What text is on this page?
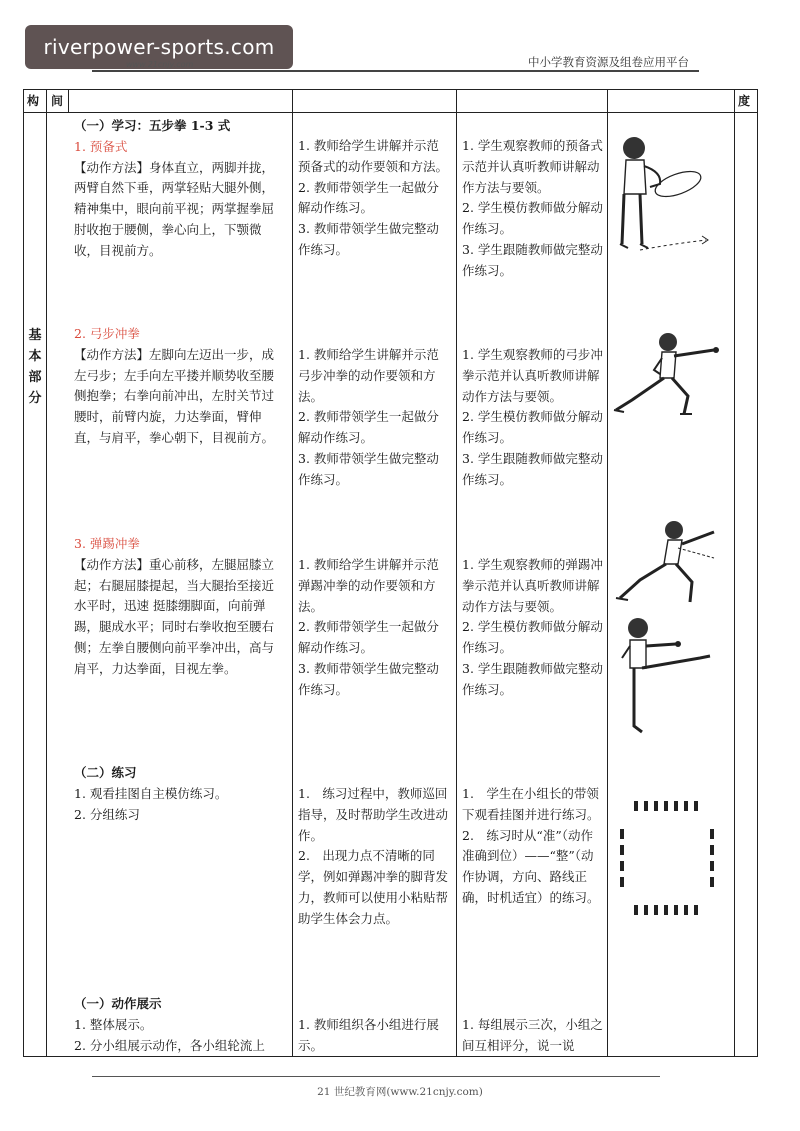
riverpower-sports.com
www.21cnjy.com	中小学教育资源及组卷应用平台
构 间	度
基
本
部
分

（一）学习：五步拳 1-3 式

1. 预备式

【动作方法】身体直立，两脚并拢，两臂自然下垂，两掌轻贴大腿外侧，精神集中，眼向前平视；两掌握拳屈肘收抱于腰侧，拳心向上，下颚微收，目视前方。

1. 教师给学生讲解并示范预备式的动作要领和方法。

2. 教师带领学生一起做分解动作练习。

3. 教师带领学生做完整动作练习。

1. 学生观察教师的预备式示范并认真听教师讲解动作方法与要领。

2. 学生模仿教师做分解动作练习。

3. 学生跟随教师做完整动作练习。

2. 弓步冲拳

【动作方法】左脚向左迈出一步，成左弓步；左手向左平搂并顺势收至腰侧抱拳；右拳向前冲出，左肘关节过腰时，前臂内旋，力达拳面，臂伸直，与肩平，拳心朝下，目视前方。

1. 教师给学生讲解并示范弓步冲拳的动作要领和方法。

2. 教师带领学生一起做分解动作练习。

3. 教师带领学生做完整动作练习。

1. 学生观察教师的弓步冲拳示范并认真听教师讲解动作方法与要领。

2. 学生模仿教师做分解动作练习。

3. 学生跟随教师做完整动作练习。

3. 弹踢冲拳

【动作方法】重心前移，左腿屈膝立起；右腿屈膝提起，当大腿抬至接近水平时，迅速 挺膝绷脚面，向前弹踢，腿成水平；同时右拳收抱至腰右侧；左拳自腰侧向前平拳冲出，高与肩平，力达拳面，目视左拳。

1. 教师给学生讲解并示范弹踢冲拳的动作要领和方法。

2. 教师带领学生一起做分解动作练习。

3. 教师带领学生做完整动作练习。

1. 学生观察教师的弹踢冲拳示范并认真听教师讲解动作方法与要领。

2. 学生模仿教师做分解动作练习。

3. 学生跟随教师做完整动作练习。

（二）练习

1. 观看挂图自主模仿练习。

2. 分组练习

1.　练习过程中，教师巡回指导，及时帮助学生改进动作。

2.　出现力点不清晰的同学，例如弹踢冲拳的脚背发力，教师可以使用小粘贴帮助学生体会力点。

1.　学生在小组长的带领下观看挂图并进行练习。

2.　练习时从“准”（动作准确到位）——“整”（动作协调，方向、路线正确，时机适宜）的练习。

（一）动作展示

1. 整体展示。

2. 分小组展示动作，各小组轮流上

1. 教师组织各小组进行展示。

1. 每组展示三次，小组之间互相评分，说一说

21 世纪教育网(www.21cnjy.com)
